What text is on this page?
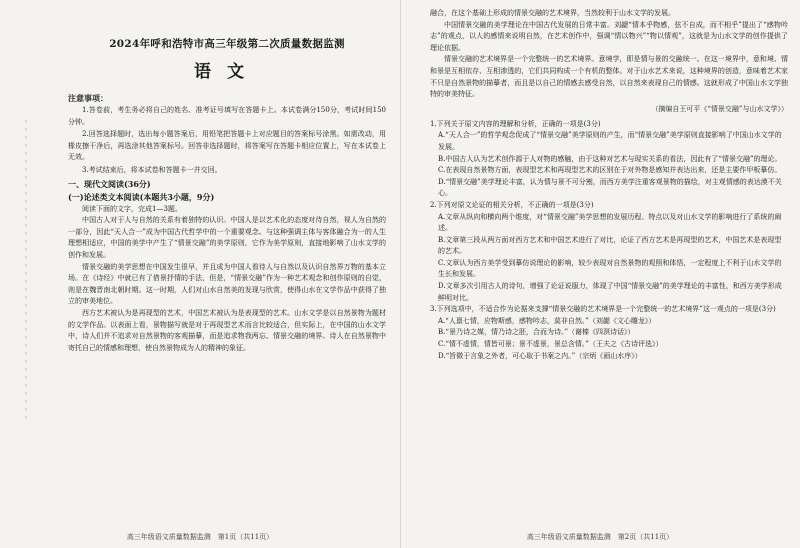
2024年呼和浩特市高三年级第二次质量数据监测
语文
注意事项：

1.答卷前，考生务必将自己的姓名、准考证号填写在答题卡上。本试卷满分150分，考试时间150分钟。

2.回答选择题时，选出每小题答案后，用铅笔把答题卡上对应题目的答案标号涂黑。如需改动，用橡皮擦干净后，再选涂其他答案标号。回答非选择题时，将答案写在答题卡相应位置上，写在本试卷上无效。

3.考试结束后，将本试卷和答题卡一并交回。

一、现代文阅读(36分)
(一)论述类文本阅读(本题共3小题，9分)

阅读下面的文字，完成1—3题。

中国古人对于人与自然的关系有着独特的认识。中国人是以艺术化的态度对待自然，视人为自然的一部分，因此“天人合一”成为中国古代哲学中的一个重要观念。与这种强调主体与客体融合为一的人生理想相适应，中国的美学中产生了“情景交融”的美学原则，它作为美学原则，直接地影响了山水文学的创作和发展。

情景交融的美学思想在中国发生很早，并且成为中国人看待人与自然以及认识自然界万物的基本立场。在《诗经》中就已有了借景抒情的手法，但是，“情景交融”作为一种艺术观念和创作原则的自觉，则是在魏晋南北朝时期。这一时期，人们对山水自然美的发现与欣赏，使得山水在文学作品中获得了独立的审美地位。

西方艺术被认为是再现型的艺术，中国艺术被认为是表现型的艺术。山水文学是以自然景物为题材的文学作品。以表面上看，景物描写就是对于再现型艺术而言比较适合，但实际上，在中国的山水文学中，诗人们并不追求对自然景物的客观描摹，而是追求物我两忘、情景交融的境界。诗人在自然景物中寄托自己的情感和理想，使自然景物成为人的精神的象征。

高三年级语文质量数据监测　第1页（共11页）

融合，在这个基础上形成的情景交融的艺术境界，当然较利于山水文学的发展。

中国情景交融的美学理论在中国古代发展的日常丰富。刘勰“情本乎物感，弦不自成，而不相乎”提出了“感物吟志”的观点，以人的感情来说明自然，在艺术创作中，强调“情以物兴”“物以情观”，这就是为山水文学的创作提供了理论依据。

情景交融的艺术境界是一个完整统一的艺术境界。意境学，即是情与景的交融统一。在这一境界中，意和境、情和景是互相依存、互相渗透的，它们共同构成一个有机的整体。对于山水艺术来说，这种境界的创造，意味着艺术家不只是自然景物的描摹者，而且是以自己的情感去感受自然，以自然来表现自己的情感。这就形成了中国山水文学独特的审美特征。

（摘编自王可平《“情景交融”与山水文学》）

1.下列关于原文内容的理解和分析，正确的一项是(3分)

A.“天人合一”的哲学观念促成了“情景交融”美学原则的产生，而“情景交融”美学原则直接影响了中国山水文学的发展。

B.中国古人认为艺术创作源于人对物的感触，由于这种对艺术与现实关系的看法，因此有了“情景交融”的理论。

C.在表现自然景物方面，表现型艺术和再现型艺术的区别在于对外物是感知并表达出来，还是主要作甲板摹仿。

D.“情景交融”美学理论丰富，认为情与景不可分割，而西方美学注重客观景物的描绘，对主观情感的表达漠不关心。

2.下列对原文论证的相关分析，不正确的一项是(3分)

A.文章从纵向和横向两个维度，对“情景交融”美学思想的发展历程、特点以及对山水文学的影响进行了系统的阐述。

B.文章第三段从两方面对西方艺术和中国艺术进行了对比，论证了西方艺术是再现型的艺术，中国艺术是表现型的艺术。

C.文章认为西方美学受到摹仿说理论的影响，较少表现对自然景物的观照和体悟，一定程度上不利于山水文学的生长和发展。

D.文章多次引用古人的诗句，增强了论证说服力，体现了中国“情景交融”的美学理论的丰富性，和西方美学形成鲜明对比。

3.下列选项中，不适合作为论据来支撑“情景交融的艺术境界是一个完整统一的艺术境界”这一观点的一项是(3分)

A.“人禀七情，应物斯感，感物吟志，莫非自然。”（刘勰《文心雕龙》）

B.“景乃诗之媒，情乃诗之胚，合而为诗。”（谢榛《四溟诗话》）

C.“情不虚情，情皆可景；景不虚景，景总含情。”（王夫之《古诗评选》）

D.“旨微于言象之外者，可心取于书案之内。”（宗炳《画山水序》）

高三年级语文质量数据监测　第2页（共11页）
